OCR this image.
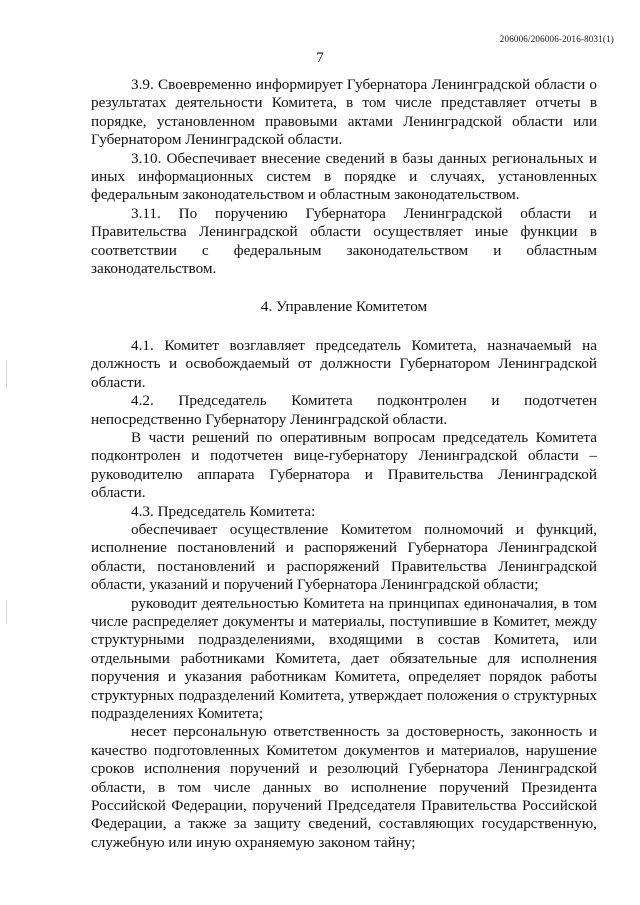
206006/206006-2016-8031(1)
7

3.9. Своевременно информирует Губернатора Ленинградской области о результатах деятельности Комитета, в том числе представляет отчеты в порядке, установленном правовыми актами Ленинградской области или Губернатором Ленинградской области.

3.10. Обеспечивает внесение сведений в базы данных региональных и иных информационных систем в порядке и случаях, установленных федеральным законодательством и областным законодательством.

3.11. По поручению Губернатора Ленинградской области и Правительства Ленинградской области осуществляет иные функции в соответствии с федеральным законодательством и областным законодательством.

4. Управление Комитетом

4.1. Комитет возглавляет председатель Комитета, назначаемый на должность и освобождаемый от должности Губернатором Ленинградской области.

4.2. Председатель Комитета подконтролен и подотчетен непосредственно Губернатору Ленинградской области.

В части решений по оперативным вопросам председатель Комитета подконтролен и подотчетен вице-губернатору Ленинградской области – руководителю аппарата Губернатора и Правительства Ленинградской области.

4.3. Председатель Комитета:

обеспечивает осуществление Комитетом полномочий и функций, исполнение постановлений и распоряжений Губернатора Ленинградской области, постановлений и распоряжений Правительства Ленинградской области, указаний и поручений Губернатора Ленинградской области;

руководит деятельностью Комитета на принципах единоначалия, в том числе распределяет документы и материалы, поступившие в Комитет, между структурными подразделениями, входящими в состав Комитета, или отдельными работниками Комитета, дает обязательные для исполнения поручения и указания работникам Комитета, определяет порядок работы структурных подразделений Комитета, утверждает положения о структурных подразделениях Комитета;

несет персональную ответственность за достоверность, законность и качество подготовленных Комитетом документов и материалов, нарушение сроков исполнения поручений и резолюций Губернатора Ленинградской области, в том числе данных во исполнение поручений Президента Российской Федерации, поручений Председателя Правительства Российской Федерации, а также за защиту сведений, составляющих государственную, служебную или иную охраняемую законом тайну;
